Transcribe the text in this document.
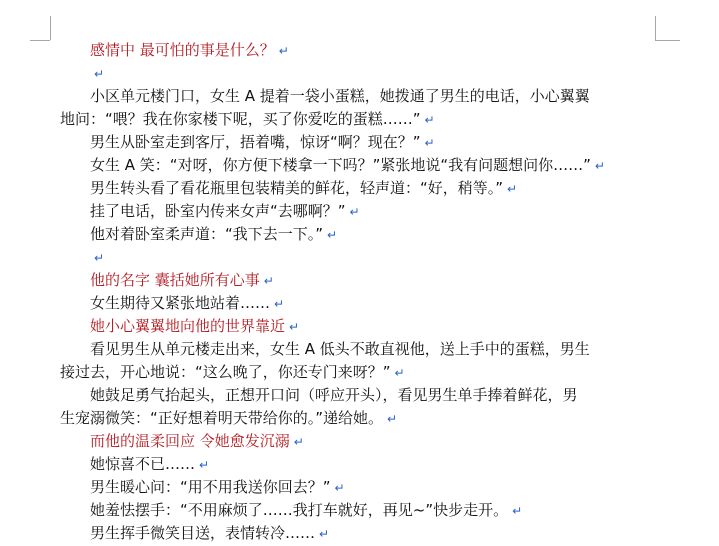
感情中 最可怕的事是什么？ ↵
↵
小区单元楼门口，女生 A 提着一袋小蛋糕，她拨通了男生的电话，小心翼翼
地问：“喂？我在你家楼下呢，买了你爱吃的蛋糕……” ↵
男生从卧室走到客厅，捂着嘴，惊讶“啊？现在？” ↵
女生 A 笑：“对呀，你方便下楼拿一下吗？”紧张地说“我有问题想问你……” ↵
男生转头看了看花瓶里包装精美的鲜花，轻声道：“好，稍等。” ↵
挂了电话，卧室内传来女声“去哪啊？” ↵
他对着卧室柔声道：“我下去一下。” ↵
↵
他的名字 囊括她所有心事 ↵
女生期待又紧张地站着…… ↵
她小心翼翼地向他的世界靠近 ↵
看见男生从单元楼走出来，女生 A 低头不敢直视他，送上手中的蛋糕，男生
接过去，开心地说：“这么晚了，你还专门来呀？” ↵
她鼓足勇气抬起头，正想开口问（呼应开头），看见男生单手捧着鲜花，男
生宠溺微笑：“正好想着明天带给你的。”递给她。 ↵
而他的温柔回应 令她愈发沉溺 ↵
她惊喜不已…… ↵
男生暖心问：“用不用我送你回去？” ↵
她羞怯摆手：“不用麻烦了……我打车就好，再见~”快步走开。 ↵
男生挥手微笑目送，表情转冷…… ↵
